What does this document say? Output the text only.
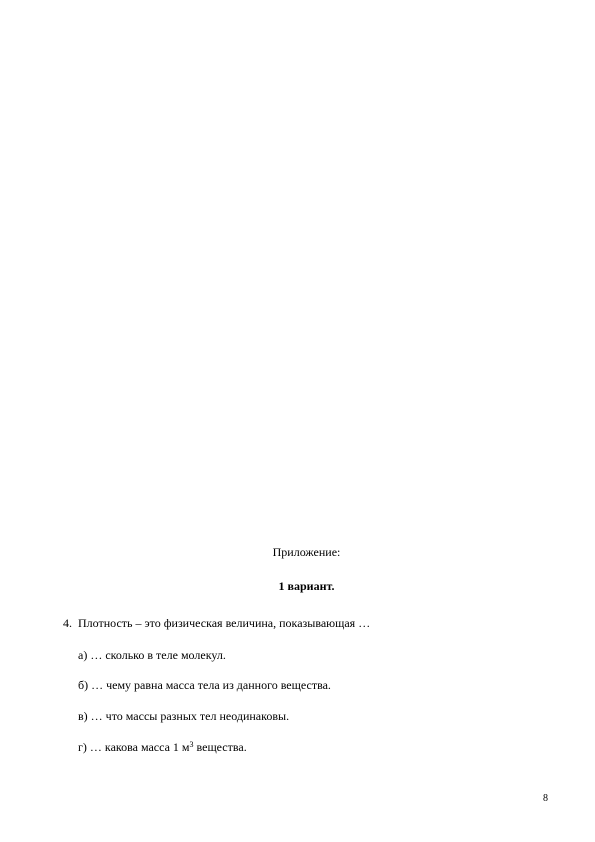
Приложение:
1 вариант.
4. Плотность – это физическая величина, показывающая …
а) … сколько в теле молекул.
б) … чему равна масса тела из данного вещества.
в) … что массы разных тел неодинаковы.
г) … какова масса 1 $м^3$ вещества.
8
